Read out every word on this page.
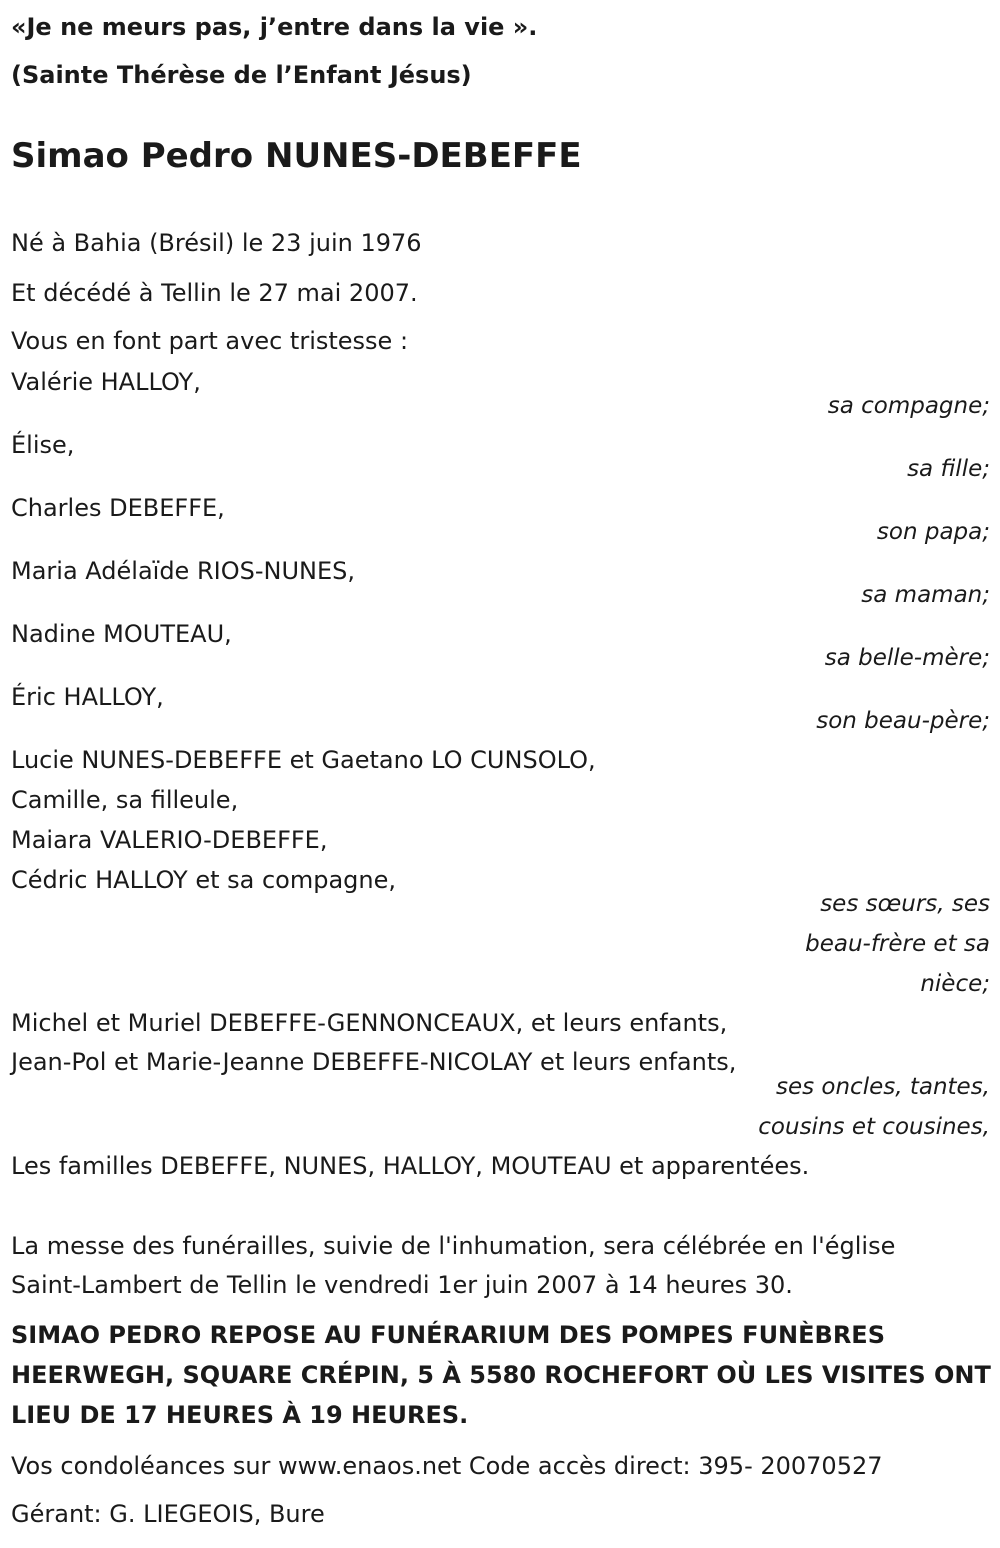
«Je ne meurs pas, j’entre dans la vie ».
(Sainte Thérèse de l’Enfant Jésus)
Simao Pedro NUNES-DEBEFFE
Né à Bahia (Brésil) le 23 juin 1976
Et décédé à Tellin le 27 mai 2007.
Vous en font part avec tristesse :
Valérie HALLOY,
sa compagne;
Élise,
sa fille;
Charles DEBEFFE,
son papa;
Maria Adélaïde RIOS-NUNES,
sa maman;
Nadine MOUTEAU,
sa belle-mère;
Éric HALLOY,
son beau-père;
Lucie NUNES-DEBEFFE et Gaetano LO CUNSOLO,
Camille, sa filleule,
Maiara VALERIO-DEBEFFE,
Cédric HALLOY et sa compagne,
ses sœurs, ses
beau-frère et sa
nièce;
Michel et Muriel DEBEFFE-GENNONCEAUX, et leurs enfants,
Jean-Pol et Marie-Jeanne DEBEFFE-NICOLAY et leurs enfants,
ses oncles, tantes,
cousins et cousines,
Les familles DEBEFFE, NUNES, HALLOY, MOUTEAU et apparentées.
La messe des funérailles, suivie de l'inhumation, sera célébrée en l'église
Saint-Lambert de Tellin le vendredi 1er juin 2007 à 14 heures 30.
SIMAO PEDRO REPOSE AU FUNÉRARIUM DES POMPES FUNÈBRES HEERWEGH, SQUARE CRÉPIN, 5 À 5580 ROCHEFORT OÙ LES VISITES ONT LIEU DE 17 HEURES À 19 HEURES.
Vos condoléances sur www.enaos.net Code accès direct: 395- 20070527
Gérant: G. LIEGEOIS, Bure
